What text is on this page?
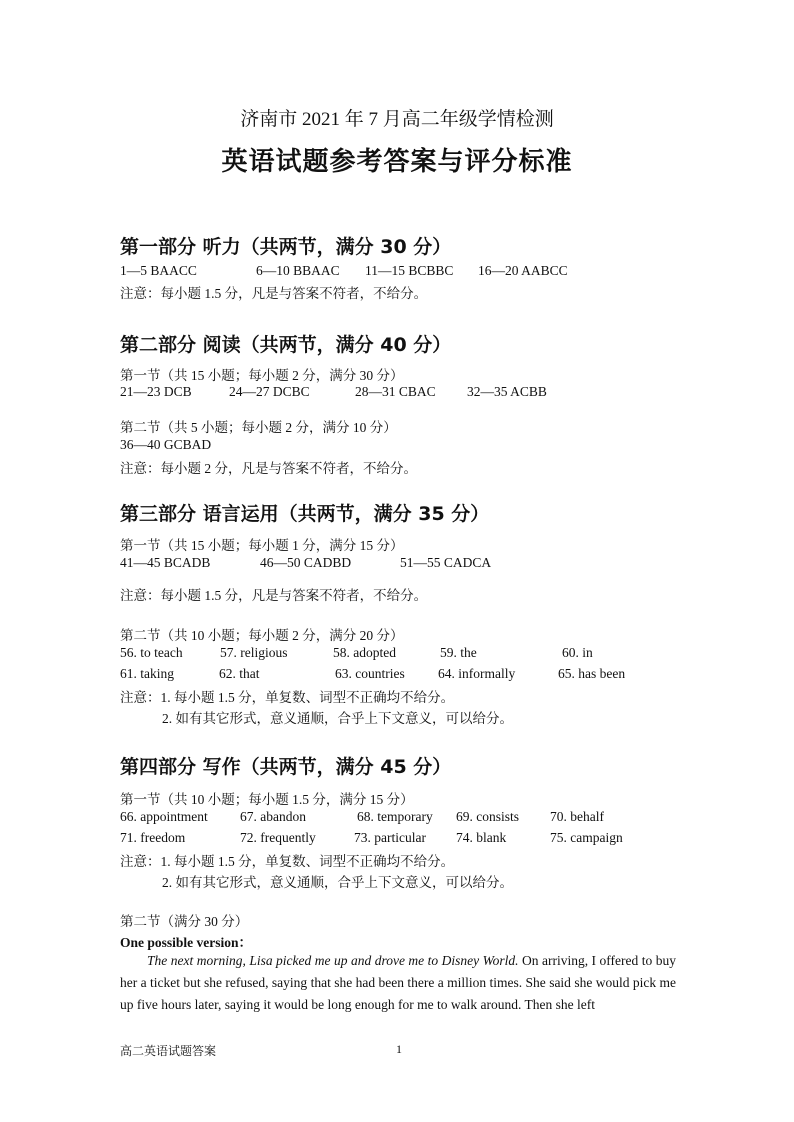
济南市 2021 年 7 月高二年级学情检测
英语试题参考答案与评分标准
第一部分 听力（共两节，满分 30 分）
1—5 BAACC	6—10 BBAAC 11—15 BCBBC 16—20 AABCC
注意：每小题 1.5 分，凡是与答案不符者，不给分。
第二部分 阅读（共两节，满分 40 分）
第一节（共 15 小题；每小题 2 分，满分 30 分）
21—23 DCB	24—27 DCBC	28—31 CBAC 32—35 ACBB
第二节（共 5 小题；每小题 2 分，满分 10 分）
36—40 GCBAD
注意：每小题 2 分，凡是与答案不符者，不给分。
第三部分 语言运用（共两节，满分 35 分）
第一节（共 15 小题；每小题 1 分，满分 15 分）
41—45 BCADB	46—50 CADBD	51—55 CADCA
注意：每小题 1.5 分，凡是与答案不符者，不给分。
第二节（共 10 小题；每小题 2 分，满分 20 分）
56. to teach	57. religious	58. adopted	59. the	60. in
61. taking	62. that	63. countries 64. informally	65. has been
注意：1. 每小题 1.5 分，单复数、词型不正确均不给分。
2. 如有其它形式，意义通顺，合乎上下文意义，可以给分。
第四部分 写作（共两节，满分 45 分）
第一节（共 10 小题；每小题 1.5 分，满分 15 分）
66. appointment 67. abandon	68. temporary 69. consists 70. behalf
71. freedom	72. frequently	73. particular 74. blank	75. campaign
注意：1. 每小题 1.5 分，单复数、词型不正确均不给分。
2. 如有其它形式，意义通顺，合乎上下文意义，可以给分。
第二节（满分 30 分）
One possible version：
The next morning, Lisa picked me up and drove me to Disney World. On arriving, I offered to buy her a ticket but she refused, saying that she had been there a million times. She said she would pick me up five hours later, saying it would be long enough for me to walk around. Then she left
高二英语试题答案	1
